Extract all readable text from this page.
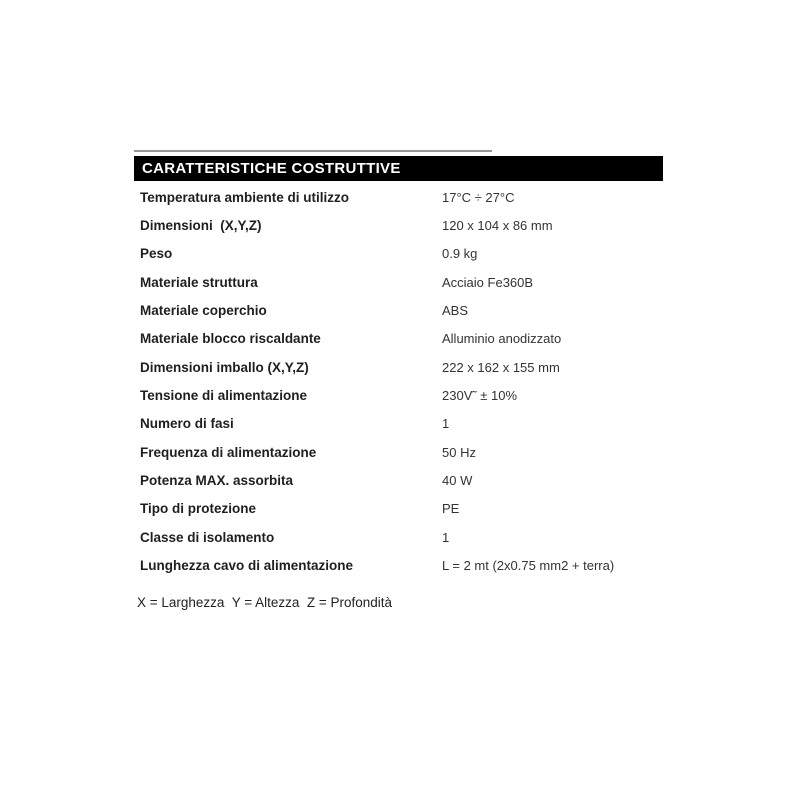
CARATTERISTICHE COSTRUTTIVE
Temperatura ambiente di utilizzo	17°C ÷ 27°C
Dimensioni  (X,Y,Z)	120 x 104 x 86 mm
Peso	0.9 kg
Materiale struttura	Acciaio Fe360B
Materiale coperchio	ABS
Materiale blocco riscaldante	Alluminio anodizzato
Dimensioni imballo (X,Y,Z)	222 x 162 x 155 mm
Tensione di alimentazione	230V˜ ± 10%
Numero di fasi	1
Frequenza di alimentazione	50 Hz
Potenza MAX. assorbita	40 W
Tipo di protezione	PE
Classe di isolamento	1
Lunghezza cavo di alimentazione	L = 2 mt (2x0.75 mm2 + terra)
X = Larghezza  Y = Altezza  Z = Profondità
